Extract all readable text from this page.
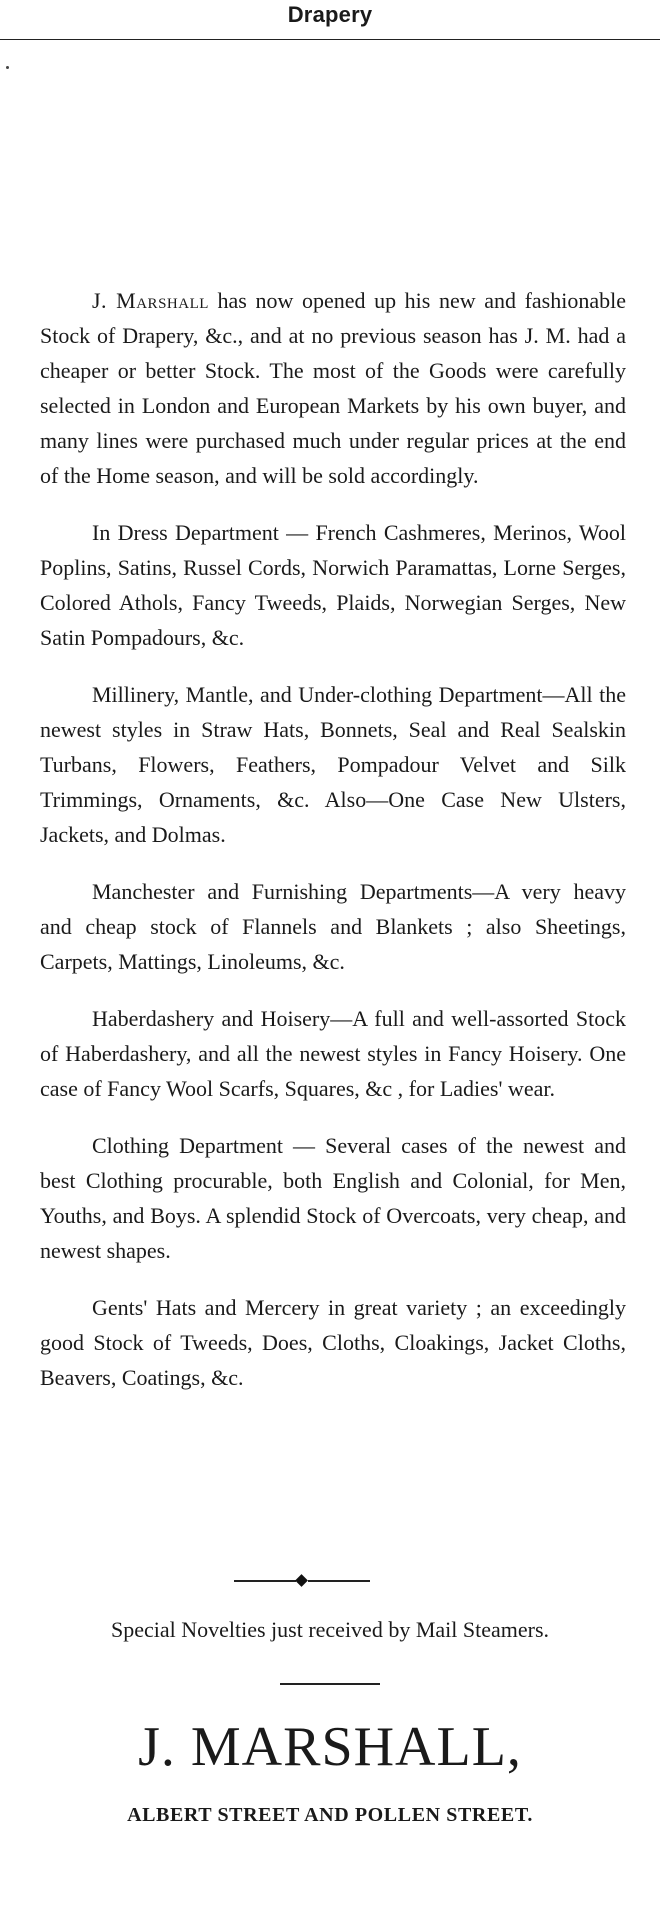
Drapery

J. Marshall has now opened up his new and fashionable Stock of Drapery, &c., and at no previous season has J. M. had a cheaper or better Stock. The most of the Goods were carefully selected in London and European Markets by his own buyer, and many lines were purchased much under regular prices at the end of the Home season, and will be sold accordingly.

In Dress Department — French Cashmeres, Merinos, Wool Poplins, Satins, Russel Cords, Norwich Paramattas, Lorne Serges, Colored Athols, Fancy Tweeds, Plaids, Norwegian Serges, New Satin Pompadours, &c.

Millinery, Mantle, and Under-clothing Department—All the newest styles in Straw Hats, Bonnets, Seal and Real Sealskin Turbans, Flowers, Feathers, Pompadour Velvet and Silk Trimmings, Ornaments, &c. Also—One Case New Ulsters, Jackets, and Dolmas.

Manchester and Furnishing Departments—A very heavy and cheap stock of Flannels and Blankets ; also Sheetings, Carpets, Mattings, Linoleums, &c.

Haberdashery and Hoisery—A full and well-assorted Stock of Haberdashery, and all the newest styles in Fancy Hoisery. One case of Fancy Wool Scarfs, Squares, &c , for Ladies' wear.

Clothing Department — Several cases of the newest and best Clothing procurable, both English and Colonial, for Men, Youths, and Boys. A splendid Stock of Overcoats, very cheap, and newest shapes.

Gents' Hats and Mercery in great variety ; an exceedingly good Stock of Tweeds, Does, Cloths, Cloakings, Jacket Cloths, Beavers, Coatings, &c.

Special Novelties just received by Mail Steamers.
J. MARSHALL,
ALBERT STREET AND POLLEN STREET.
